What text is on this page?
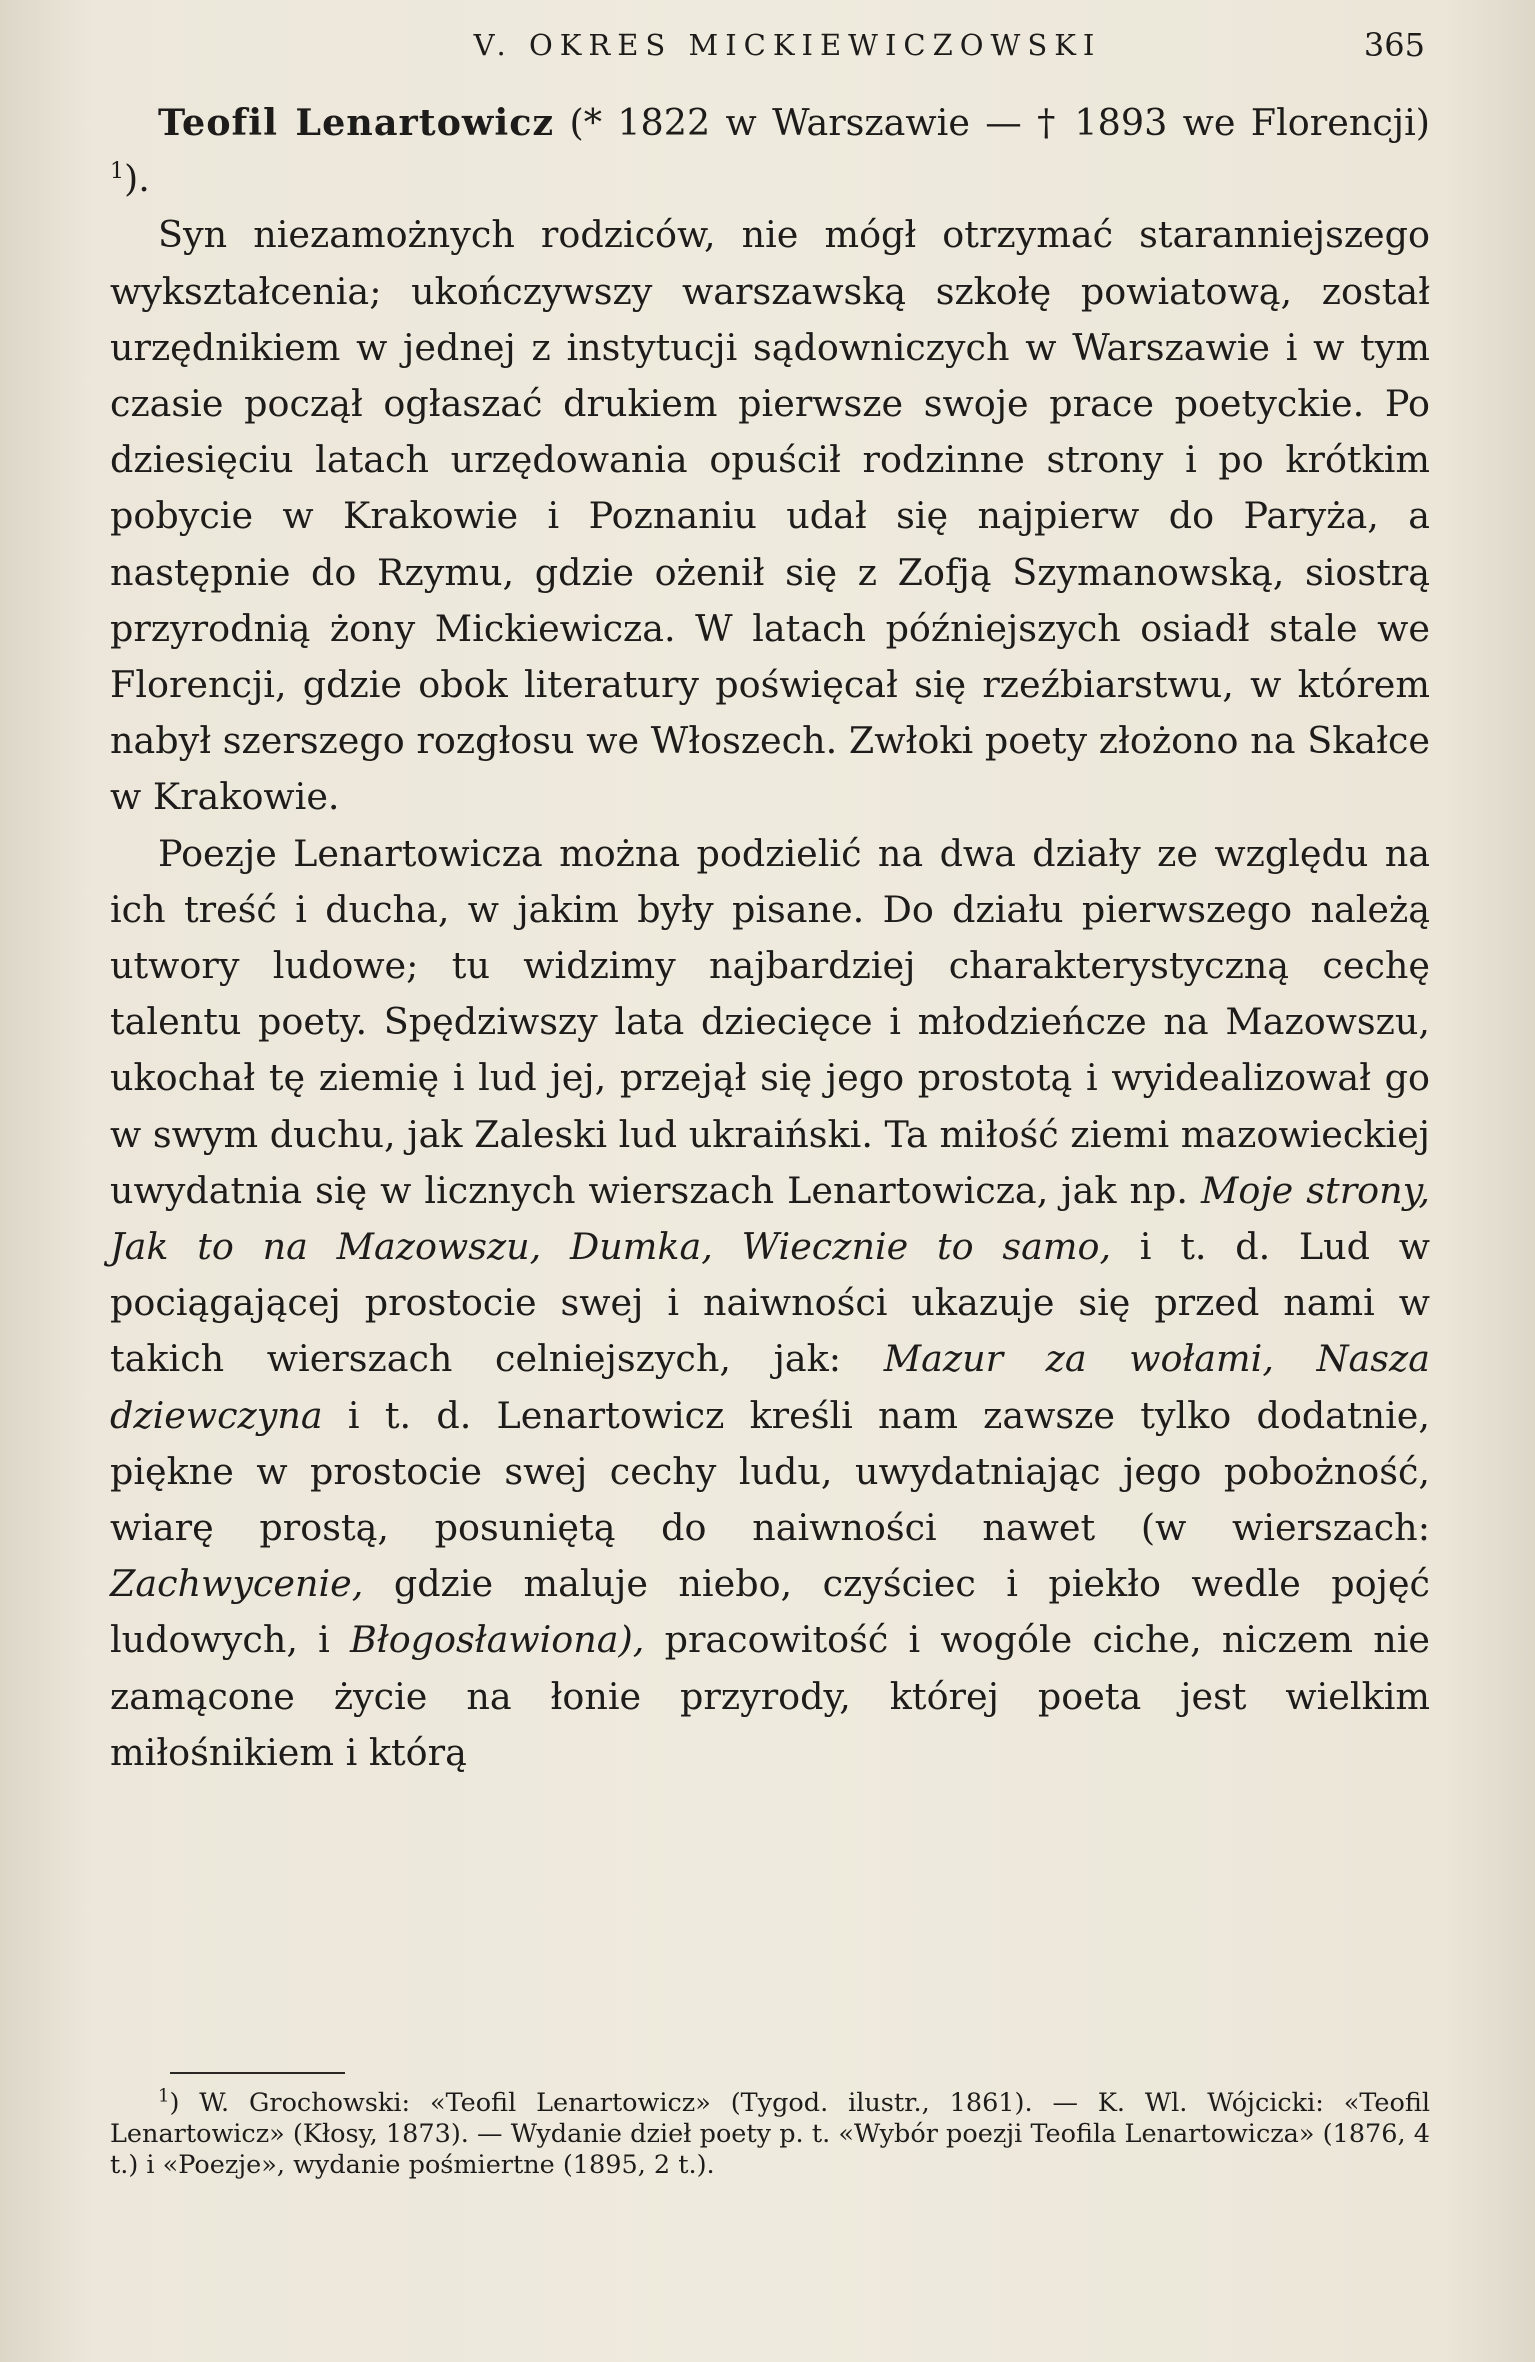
V. OKRES MICKIEWICZOWSKI	365

Teofil Lenartowicz (* 1822 w Warszawie — † 1893 we Florencji) $^1$).

Syn niezamożnych rodziców, nie mógł otrzymać staranniejszego wykształcenia; ukończywszy warszawską szkołę powiatową, został urzędnikiem w jednej z instytucji sądowniczych w Warszawie i w tym czasie począł ogłaszać drukiem pierwsze swoje prace poetyckie. Po dziesięciu latach urzędowania opuścił rodzinne strony i po krótkim pobycie w Krakowie i Poznaniu udał się najpierw do Paryża, a następnie do Rzymu, gdzie ożenił się z Zofją Szymanowską, siostrą przyrodnią żony Mickiewicza. W latach późniejszych osiadł stale we Florencji, gdzie obok literatury poświęcał się rzeźbiarstwu, w którem nabył szerszego rozgłosu we Włoszech. Zwłoki poety złożono na Skałce w Krakowie.

Poezje Lenartowicza można podzielić na dwa działy ze względu na ich treść i ducha, w jakim były pisane. Do działu pierwszego należą utwory ludowe; tu widzimy najbardziej charakterystyczną cechę talentu poety. Spędziwszy lata dziecięce i młodzieńcze na Mazowszu, ukochał tę ziemię i lud jej, przejął się jego prostotą i wyidealizował go w swym duchu, jak Zaleski lud ukraiński. Ta miłość ziemi mazowieckiej uwydatnia się w licznych wierszach Lenartowicza, jak np. Moje strony, Jak to na Mazowszu, Dumka, Wiecznie to samo, i t. d. Lud w pociągającej prostocie swej i naiwności ukazuje się przed nami w takich wierszach celniejszych, jak: Mazur za wołami, Nasza dziewczyna i t. d. Lenartowicz kreśli nam zawsze tylko dodatnie, piękne w prostocie swej cechy ludu, uwydatniając jego pobożność, wiarę prostą, posuniętą do naiwności nawet (w wierszach: Zachwycenie, gdzie maluje niebo, czyściec i piekło wedle pojęć ludowych, i Błogosławiona), pracowitość i wogóle ciche, niczem nie zamącone życie na łonie przyrody, której poeta jest wielkim miłośnikiem i którą

$^1$) W. Grochowski: «Teofil Lenartowicz» (Tygod. ilustr., 1861). — K. Wl. Wójcicki: «Teofil Lenartowicz» (Kłosy, 1873). — Wydanie dzieł poety p. t. «Wybór poezji Teofila Lenartowicza» (1876, 4 t.) i «Poezje», wydanie pośmiertne (1895, 2 t.).
